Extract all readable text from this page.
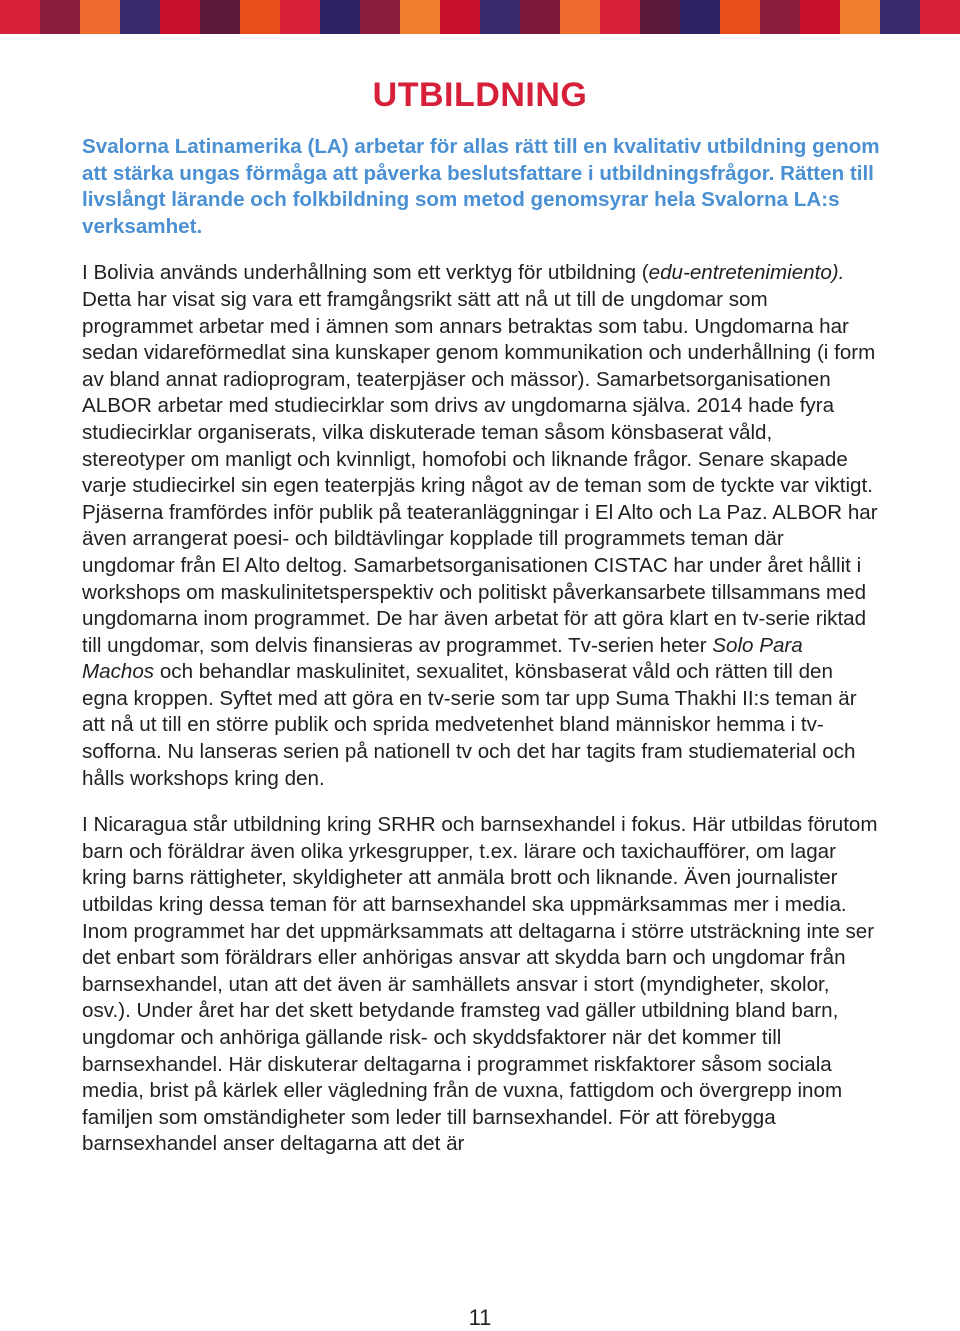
UTBILDNING

Svalorna Latinamerika (LA) arbetar för allas rätt till en kvalitativ utbildning genom att stärka ungas förmåga att påverka beslutsfattare i utbildningsfrågor. Rätten till livslångt lärande och folkbildning som metod genomsyrar hela Svalorna LA:s verksamhet.

I Bolivia används underhållning som ett verktyg för utbildning (edu-entretenimiento). Detta har visat sig vara ett framgångsrikt sätt att nå ut till de ungdomar som programmet arbetar med i ämnen som annars betraktas som tabu. Ungdomarna har sedan vidareförmedlat sina kunskaper genom kommunikation och underhållning (i form av bland annat radioprogram, teaterpjäser och mässor). Samarbetsorganisationen ALBOR arbetar med studiecirklar som drivs av ungdomarna själva. 2014 hade fyra studiecirklar organiserats, vilka diskuterade teman såsom könsbaserat våld, stereotyper om manligt och kvinnligt, homofobi och liknande frågor. Senare skapade varje studiecirkel sin egen teaterpjäs kring något av de teman som de tyckte var viktigt. Pjäserna framfördes inför publik på teateranläggningar i El Alto och La Paz. ALBOR har även arrangerat poesi- och bildtävlingar kopplade till programmets teman där ungdomar från El Alto deltog. Samarbetsorganisationen CISTAC har under året hållit i workshops om maskulinitetsperspektiv och politiskt påverkansarbete tillsammans med ungdomarna inom programmet. De har även arbetat för att göra klart en tv-serie riktad till ungdomar, som delvis finansieras av programmet. Tv-serien heter Solo Para Machos och behandlar maskulinitet, sexualitet, könsbaserat våld och rätten till den egna kroppen. Syftet med att göra en tv-serie som tar upp Suma Thakhi II:s teman är att nå ut till en större publik och sprida medvetenhet bland människor hemma i tv-sofforna. Nu lanseras serien på nationell tv och det har tagits fram studiematerial och hålls workshops kring den.

I Nicaragua står utbildning kring SRHR och barnsexhandel i fokus. Här utbildas förutom barn och föräldrar även olika yrkesgrupper, t.ex. lärare och taxichaufförer, om lagar kring barns rättigheter, skyldigheter att anmäla brott och liknande. Även journalister utbildas kring dessa teman för att barnsexhandel ska uppmärksammas mer i media. Inom programmet har det uppmärksammats att deltagarna i större utsträckning inte ser det enbart som föräldrars eller anhörigas ansvar att skydda barn och ungdomar från barnsexhandel, utan att det även är samhällets ansvar i stort (myndigheter, skolor, osv.). Under året har det skett betydande framsteg vad gäller utbildning bland barn, ungdomar och anhöriga gällande risk- och skyddsfaktorer när det kommer till barnsexhandel. Här diskuterar deltagarna i programmet riskfaktorer såsom sociala media, brist på kärlek eller vägledning från de vuxna, fattigdom och övergrepp inom familjen som omständigheter som leder till barnsexhandel. För att förebygga barnsexhandel anser deltagarna att det är

11
